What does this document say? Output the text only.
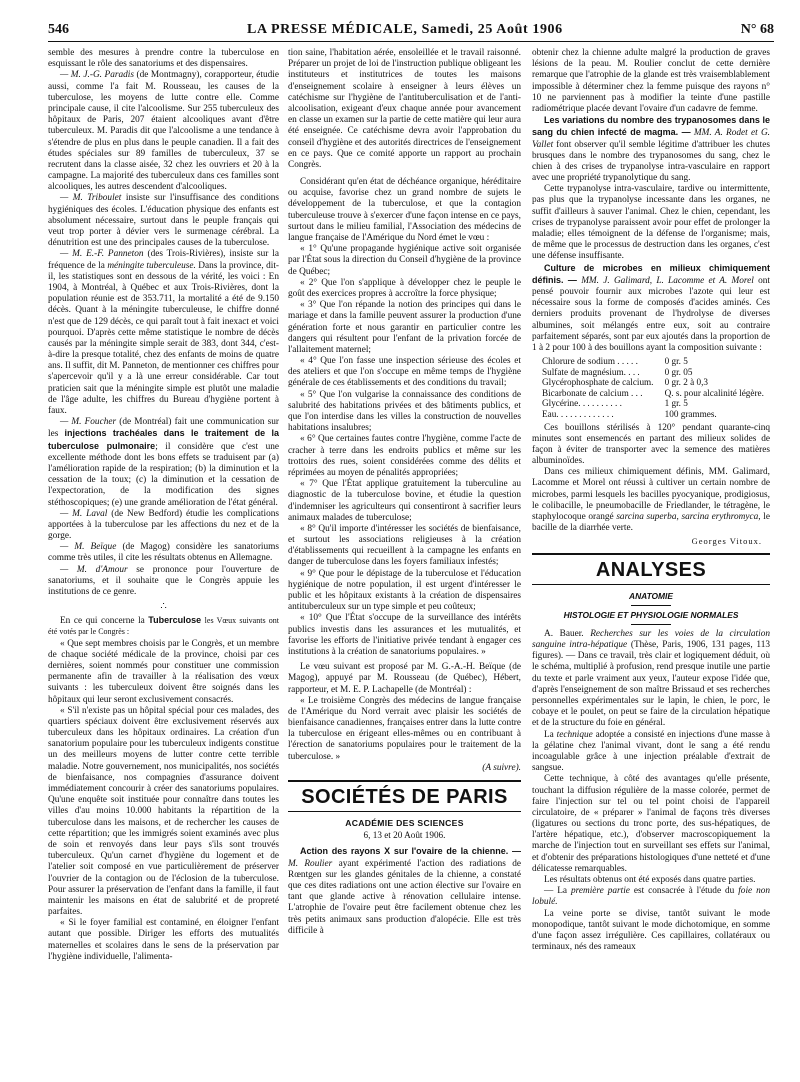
546	LA PRESSE MÉDICALE, Samedi, 25 Août 1906	N° 68

semble des mesures à prendre contre la tuberculose en esquissant le rôle des sanatoriums et des dispensaires.

— M. J.-G. Paradis (de Montmagny), corapporteur, étudie aussi, comme l'a fait M. Rousseau, les causes de la tuberculose, les moyens de lutte contre elle. Comme principale cause, il cite l'alcoolisme. Sur 255 tuberculeux des hôpitaux de Paris, 207 étaient alcooliques avant d'être tuberculeux. M. Paradis dit que l'alcoolisme a une tendance à s'étendre de plus en plus dans le peuple canadien. Il a fait des études spéciales sur 89 familles de tuberculeux, 37 se recrutent dans la classe aisée, 32 chez les ouvriers et 20 à la campagne. La majorité des tuberculeux dans ces familles sont alcooliques, les autres descendent d'alcooliques.

— M. Triboulet insiste sur l'insuffisance des conditions hygiéniques des écoles. L'éducation physique des enfants est absolument nécessaire, surtout dans le peuple français qui veut trop porter à dévier vers le surmenage cérébral. La dénutrition est une des principales causes de la tuberculose.

— M. E.-F. Panneton (des Trois-Rivières), insiste sur la fréquence de la méningite tuberculeuse. Dans la province, dit-il, les statistiques sont en dessous de la vérité, les voici : En 1904, à Montréal, à Québec et aux Trois-Rivières, dont la population réunie est de 353.711, la mortalité a été de 9.150 décès. Quant à la méningite tuberculeuse, le chiffre donné n'est que de 129 décès, ce qui paraît tout à fait inexact et voici pourquoi. D'après cette même statistique le nombre de décès causés par la méningite simple serait de 383, dont 344, c'est-à-dire la presque totalité, chez des enfants de moins de quatre ans. Il suffit, dit M. Panneton, de mentionner ces chiffres pour s'apercevoir qu'il y a là une erreur considérable. Car tout praticien sait que la méningite simple est plutôt une maladie de l'âge adulte, les chiffres du Bureau d'hygiène portent à faux.

— M. Foucher (de Montréal) fait une communication sur les injections trachéales dans le traitement de la tuberculose pulmonaire; il considère que c'est une excellente méthode dont les bons effets se traduisent par (a) l'amélioration rapide de la respiration; (b) la diminution et la cessation de la toux; (c) la diminution et la cessation de l'expectoration, de la modification des signes stéthoscopiques; (e) une grande amélioration de l'état général.

— M. Laval (de New Bedford) étudie les complications apportées à la tuberculose par les affections du nez et de la gorge.

— M. Beïque (de Magog) considère les sanatoriums comme très utiles, il cite les résultats obtenus en Allemagne.

— M. d'Amour se prononce pour l'ouverture de sanatoriums, et il souhaite que le Congrès appuie les institutions de ce genre.

∴

En ce qui concerne la Tuberculose les Vœux suivants ont été votés par le Congrès :

« Que sept membres choisis par le Congrès, et un membre de chaque société médicale de la province, choisi par ces dernières, soient nommés pour constituer une commission permanente afin de travailler à la réalisation des vœux suivants : les tuberculeux doivent être soignés dans les hôpitaux qui leur seront exclusivement consacrés.

« S'il n'existe pas un hôpital spécial pour ces malades, des quartiers spéciaux doivent être exclusivement réservés aux tuberculeux dans les hôpitaux ordinaires. La création d'un sanatorium populaire pour les tuberculeux indigents constitue un des meilleurs moyens de lutter contre cette terrible maladie. Notre gouvernement, nos municipalités, nos sociétés de bienfaisance, nos compagnies d'assurance doivent immédiatement concourir à créer des sanatoriums populaires. Qu'une enquête soit instituée pour connaître dans toutes les villes d'au moins 10.000 habitants la répartition de la tuberculose dans les maisons, et de rechercher les causes de cette répartition; que les immigrés soient examinés avec plus de soin et renvoyés dans leur pays s'ils sont trouvés tuberculeux. Qu'un carnet d'hygiène du logement et de l'atelier soit composé en vue particulièrement de préserver l'ouvrier de la contagion ou de l'éclosion de la tuberculose. Pour assurer la préservation de l'enfant dans la famille, il faut maintenir les maisons en état de salubrité et de propreté parfaites.

« Si le foyer familial est contaminé, en éloigner l'enfant autant que possible. Diriger les efforts des mutualités maternelles et scolaires dans le sens de la préservation par l'hygiène individuelle, l'alimenta-

tion saine, l'habitation aérée, ensoleillée et le travail raisonné. Préparer un projet de loi de l'instruction publique obligeant les instituteurs et institutrices de toutes les maisons d'enseignement scolaire à enseigner à leurs élèves un catéchisme sur l'hygiène de l'antituberculisation et de l'anti-alcoolisation, exigeant d'eux chaque année pour avancement en classe un examen sur la partie de cette matière qui leur aura été enseignée. Ce catéchisme devra avoir l'approbation du conseil d'hygiène et des autorités directrices de l'enseignement en ce pays. Que ce comité apporte un rapport au prochain Congrès.

Considérant qu'en état de déchéance organique, héréditaire ou acquise, favorise chez un grand nombre de sujets le développement de la tuberculose, et que la contagion tuberculeuse trouve à s'exercer d'une façon intense en ce pays, surtout dans le milieu familial, l'Association des médecins de langue française de l'Amérique du Nord émet le vœu :

« 1° Qu'une propagande hygiénique active soit organisée par l'État sous la direction du Conseil d'hygiène de la province de Québec;

« 2° Que l'on s'applique à développer chez le peuple le goût des exercices propres à accroître la force physique;

« 3° Que l'on répande la notion des principes qui dans le mariage et dans la famille peuvent assurer la production d'une génération forte et nous garantir en particulier contre les dangers qui résultent pour l'enfant de la privation forcée de l'allaitement maternel;

« 4° Que l'on fasse une inspection sérieuse des écoles et des ateliers et que l'on s'occupe en même temps de l'hygiène générale de ces établissements et des conditions du travail;

« 5° Que l'on vulgarise la connaissance des conditions de salubrité des habitations privées et des bâtiments publics, et que l'on interdise dans les villes la construction de nouvelles habitations insalubres;

« 6° Que certaines fautes contre l'hygiène, comme l'acte de cracher à terre dans les endroits publics et même sur les trottoirs des rues, soient considérées comme des délits et réprimées au moyen de pénalités appropriées;

« 7° Que l'État applique gratuitement la tuberculine au diagnostic de la tuberculose bovine, et étudie la question d'indemniser les agriculteurs qui consentiront à sacrifier leurs animaux malades de tuberculose;

« 8° Qu'il importe d'intéresser les sociétés de bienfaisance, et surtout les associations religieuses à la création d'établissements qui recueillent à la campagne les enfants en danger de tuberculose dans les foyers familiaux infestés;

« 9° Que pour le dépistage de la tuberculose et l'éducation hygiénique de notre population, il est urgent d'intéresser le public et les hôpitaux existants à la création de dispensaires antituberculeux sur un type simple et peu coûteux;

« 10° Que l'État s'occupe de la surveillance des intérêts publics investis dans les assurances et les mutualités, et favorise les efforts de l'initiative privée tendant à engager ces institutions à la création de sanatoriums populaires. »

Le vœu suivant est proposé par M. G.-A.-H. Beïque (de Magog), appuyé par M. Rousseau (de Québec), Hébert, rapporteur, et M. E. P. Lachapelle (de Montréal) :

« Le troisième Congrès des médecins de langue française de l'Amérique du Nord verrait avec plaisir les sociétés de bienfaisance canadiennes, françaises entrer dans la lutte contre la tuberculose en érigeant elles-mêmes ou en contribuant à l'érection de sanatoriums populaires pour le traitement de la tuberculose. »

(A suivre).

SOCIÉTÉS DE PARIS
ACADÉMIE DES SCIENCES
6, 13 et 20 Août 1906.

Action des rayons X sur l'ovaire de la chienne. — M. Roulier ayant expérimenté l'action des radiations de Rœntgen sur les glandes génitales de la chienne, a constaté que ces dites radiations ont une action élective sur l'ovaire en tant que glande active à rénovation cellulaire intense. L'atrophie de l'ovaire peut être facilement obtenue chez les très petits animaux sans production d'alopécie. Elle est très difficile à

obtenir chez la chienne adulte malgré la production de graves lésions de la peau. M. Roulier conclut de cette dernière remarque que l'atrophie de la glande est très vraisemblablement impossible à déterminer chez la femme puisque des rayons n° 10 ne parviennent pas à modifier la teinte d'une pastille radiométrique placée devant l'ovaire d'un cadavre de femme.

Les variations du nombre des trypanosomes dans le sang du chien infecté de magma. — MM. A. Rodet et G. Vallet font observer qu'il semble légitime d'attribuer les chutes brusques dans le nombre des trypanosomes du sang, chez le chien à des crises de trypanolyse intra-vasculaire en rapport avec une propriété trypanolytique du sang.

Cette trypanolyse intra-vasculaire, tardive ou intermittente, pas plus que la trypanolyse incessante dans les organes, ne suffit d'ailleurs à sauver l'animal. Chez le chien, cependant, les crises de trypanolyse paraissent avoir pour effet de prolonger la maladie; elles témoignent de la défense de l'organisme; mais, de même que le processus de destruction dans les organes, c'est une défense insuffisante.

Culture de microbes en milieux chimiquement définis. — MM. J. Galimard, L. Lacomme et A. Morel ont pensé pouvoir fournir aux microbes l'azote qui leur est nécessaire sous la forme de composés d'acides aminés. Ces derniers produits provenant de l'hydrolyse de diverses albumines, soit mélangés entre eux, soit au contraire parfaitement séparés, sont par eux ajoutés dans la proportion de 1 à 2 pour 100 à des bouillons ayant la composition suivante :

Chlorure de sodium . . . . .	0 gr. 5
Sulfate de magnésium. . . .	0 gr. 05
Glycérophosphate de calcium.	0 gr. 2 à 0,3
Bicarbonate de calcium . . .	Q. s. pour alcalinité légère.
Glycérine. . . . . . . . . .	1 gr. 5
Eau. . . . . . . . . . . . .	100 grammes.

Ces bouillons stérilisés à 120° pendant quarante-cinq minutes sont ensemencés en partant des milieux solides de façon à éviter de transporter avec la semence des matières albuminoïdes.

Dans ces milieux chimiquement définis, MM. Galimard, Lacomme et Morel ont réussi à cultiver un certain nombre de microbes, parmi lesquels les bacilles pyocyanique, prodigiosus, le colibacille, le pneumobacille de Friedlander, le tétragène, le staphylocoque orangé sarcina superba, sarcina erythromyca, le bacille de la diarrhée verte.

Georges Vitoux.
ANALYSES
ANATOMIE
HISTOLOGIE ET PHYSIOLOGIE NORMALES

A. Bauer. Recherches sur les voies de la circulation sanguine intra-hépatique (Thèse, Paris, 1906, 131 pages, 113 figures). — Dans ce travail, très clair et logiquement déduit, où le schéma, multiplié à profusion, rend presque inutile une partie du texte et parle vraiment aux yeux, l'auteur expose l'idée que, d'après l'enseignement de son maître Brissaud et ses recherches personnelles expérimentales sur le lapin, le chien, le porc, le cobaye et le poulet, on peut se faire de la circulation hépatique et de la structure du foie en général.

La technique adoptée a consisté en injections d'une masse à la gélatine chez l'animal vivant, dont le sang a été rendu incoagulable grâce à une injection préalable d'extrait de sangsue.

Cette technique, à côté des avantages qu'elle présente, touchant la diffusion régulière de la masse colorée, permet de faire l'injection sur tel ou tel point choisi de l'appareil circulatoire, de « préparer » l'animal de façons très diverses (ligatures ou sections du tronc porte, des sus-hépatiques, de l'artère hépatique, etc.), d'observer macroscopiquement la marche de l'injection tout en surveillant ses effets sur l'animal, et d'obtenir des préparations histologiques d'une netteté et d'une délicatesse remarquables.

Les résultats obtenus ont été exposés dans quatre parties.

— La première partie est consacrée à l'étude du foie non lobulé.

La veine porte se divise, tantôt suivant le mode monopodique, tantôt suivant le mode dichotomique, en somme d'une façon assez irrégulière. Ces capillaires, collatéraux ou terminaux, nés des rameaux
